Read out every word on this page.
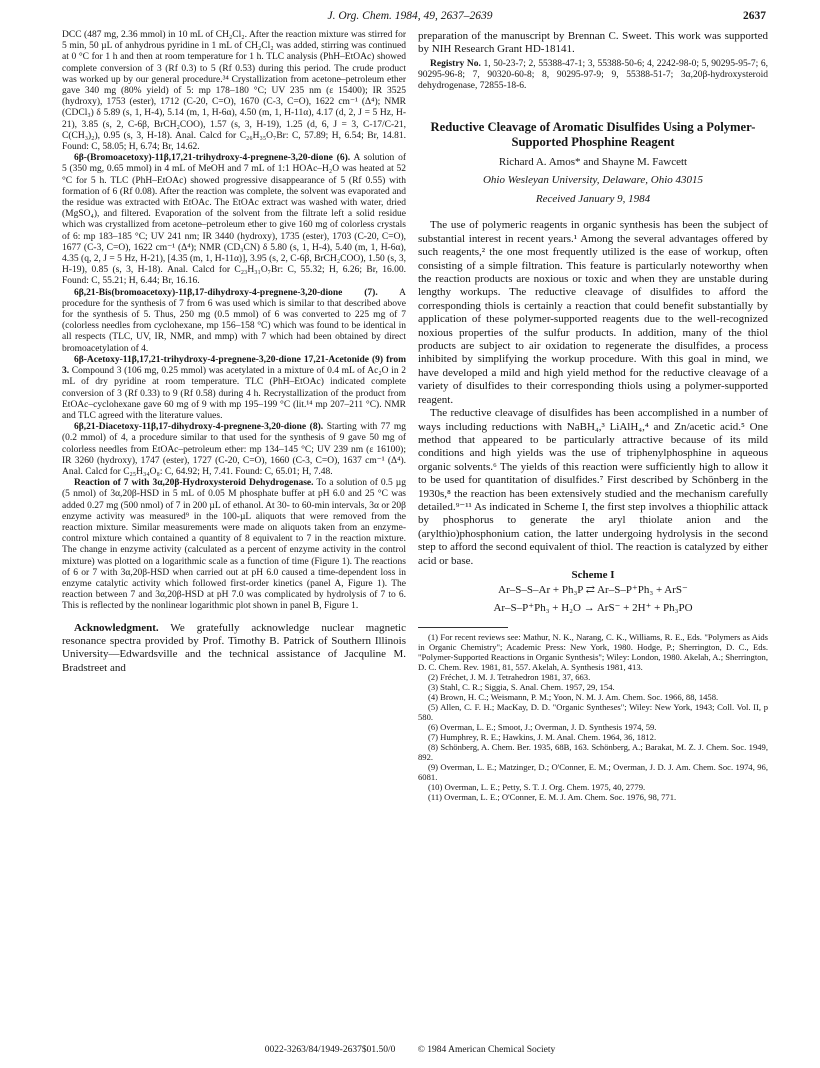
J. Org. Chem. 1984, 49, 2637–2639	2637

DCC (487 mg, 2.36 mmol) in 10 mL of CH₂Cl₂. After the reaction mixture was stirred for 5 min, 50 µL of anhydrous pyridine in 1 mL of CH₂Cl₂ was added, stirring was continued at 0 °C for 1 h and then at room temperature for 1 h. TLC analysis (PhH–EtOAc) showed complete conversion of 3 (Rf 0.3) to 5 (Rf 0.53) during this period. The crude product was worked up by our general procedure.³⁴ Crystallization from acetone–petroleum ether gave 340 mg (80% yield) of 5: mp 178–180 °C; UV 235 nm (ε 15400); IR 3525 (hydroxy), 1753 (ester), 1712 (C-20, C=O), 1670 (C-3, C=O), 1622 cm⁻¹ (Δ⁴); NMR (CDCl₃) δ 5.89 (s, 1, H-4), 5.14 (m, 1, H-6α), 4.50 (m, 1, H-11α), 4.17 (d, 2, J = 5 Hz, H-21), 3.85 (s, 2, C-6β, BrCH₂COO), 1.57 (s, 3, H-19), 1.25 (d, 6, J = 3, C-17/C-21, C(CH₃)₂), 0.95 (s, 3, H-18). Anal. Calcd for C₂₆H₃₅O₇Br: C, 57.89; H, 6.54; Br, 14.81. Found: C, 58.05; H, 6.74; Br, 14.62.

6β-(Bromoacetoxy)-11β,17,21-trihydroxy-4-pregnene-3,20-dione (6). A solution of 5 (350 mg, 0.65 mmol) in 4 mL of MeOH and 7 mL of 1:1 HOAc–H₂O was heated at 52 °C for 5 h. TLC (PhH–EtOAc) showed progressive disappearance of 5 (Rf 0.55) with formation of 6 (Rf 0.08). After the reaction was complete, the solvent was evaporated and the residue was extracted with EtOAc. The EtOAc extract was washed with water, dried (MgSO₄), and filtered. Evaporation of the solvent from the filtrate left a solid residue which was crystallized from acetone–petroleum ether to give 160 mg of colorless crystals of 6: mp 183–185 °C; UV 241 nm; IR 3440 (hydroxy), 1735 (ester), 1703 (C-20, C=O), 1677 (C-3, C=O), 1622 cm⁻¹ (Δ⁴); NMR (CD₃CN) δ 5.80 (s, 1, H-4), 5.40 (m, 1, H-6α), 4.35 (q, 2, J = 5 Hz, H-21), [4.35 (m, 1, H-11α)], 3.95 (s, 2, C-6β, BrCH₂COO), 1.50 (s, 3, H-19), 0.85 (s, 3, H-18). Anal. Calcd for C₂₃H₃₁O₇Br: C, 55.32; H, 6.26; Br, 16.00. Found: C, 55.21; H, 6.44; Br, 16.16.

6β,21-Bis(bromoacetoxy)-11β,17-dihydroxy-4-pregnene-3,20-dione (7). A procedure for the synthesis of 7 from 6 was used which is similar to that described above for the synthesis of 5. Thus, 250 mg (0.5 mmol) of 6 was converted to 225 mg of 7 (colorless needles from cyclohexane, mp 156–158 °C) which was found to be identical in all respects (TLC, UV, IR, NMR, and mmp) with 7 which had been obtained by direct bromoacetylation of 4.

6β-Acetoxy-11β,17,21-trihydroxy-4-pregnene-3,20-dione 17,21-Acetonide (9) from 3. Compound 3 (106 mg, 0.25 mmol) was acetylated in a mixture of 0.4 mL of Ac₂O in 2 mL of dry pyridine at room temperature. TLC (PhH–EtOAc) indicated complete conversion of 3 (Rf 0.33) to 9 (Rf 0.58) during 4 h. Recrystallization of the product from EtOAc–cyclohexane gave 60 mg of 9 with mp 195–199 °C (lit.¹⁴ mp 207–211 °C). NMR and TLC agreed with the literature values.

6β,21-Diacetoxy-11β,17-dihydroxy-4-pregnene-3,20-dione (8). Starting with 77 mg (0.2 mmol) of 4, a procedure similar to that used for the synthesis of 9 gave 50 mg of colorless needles from EtOAc–petroleum ether: mp 134–145 °C; UV 239 nm (ε 16100); IR 3260 (hydroxy), 1747 (ester), 1727 (C-20, C=O), 1660 (C-3, C=O), 1637 cm⁻¹ (Δ⁴). Anal. Calcd for C₂₅H₃₄O₈: C, 64.92; H, 7.41. Found: C, 65.01; H, 7.48.

Reaction of 7 with 3α,20β-Hydroxysteroid Dehydrogenase. To a solution of 0.5 µg (5 nmol) of 3α,20β-HSD in 5 mL of 0.05 M phosphate buffer at pH 6.0 and 25 °C was added 0.27 mg (500 nmol) of 7 in 200 µL of ethanol. At 30- to 60-min intervals, 3α or 20β enzyme activity was measured⁹ in the 100-µL aliquots that were removed from the reaction mixture. Similar measurements were made on aliquots taken from an enzyme-control mixture which contained a quantity of 8 equivalent to 7 in the reaction mixture. The change in enzyme activity (calculated as a percent of enzyme activity in the control mixture) was plotted on a logarithmic scale as a function of time (Figure 1). The reactions of 6 or 7 with 3α,20β-HSD when carried out at pH 6.0 caused a time-dependent loss in enzyme catalytic activity which followed first-order kinetics (panel A, Figure 1). The reaction between 7 and 3α,20β-HSD at pH 7.0 was complicated by hydrolysis of 7 to 6. This is reflected by the nonlinear logarithmic plot shown in panel B, Figure 1.

Acknowledgment. We gratefully acknowledge nuclear magnetic resonance spectra provided by Prof. Timothy B. Patrick of Southern Illinois University—Edwardsville and the technical assistance of Jacquline M. Bradstreet and

preparation of the manuscript by Brennan C. Sweet. This work was supported by NIH Research Grant HD-18141.

Registry No. 1, 50-23-7; 2, 55388-47-1; 3, 55388-50-6; 4, 2242-98-0; 5, 90295-95-7; 6, 90295-96-8; 7, 90320-60-8; 8, 90295-97-9; 9, 55388-51-7; 3α,20β-hydroxysteroid dehydrogenase, 72855-18-6.

Reductive Cleavage of Aromatic Disulfides Using a Polymer-Supported Phosphine Reagent
Richard A. Amos* and Shayne M. Fawcett
Ohio Wesleyan University, Delaware, Ohio 43015
Received January 9, 1984

The use of polymeric reagents in organic synthesis has been the subject of substantial interest in recent years.¹ Among the several advantages offered by such reagents,² the one most frequently utilized is the ease of workup, often consisting of a simple filtration. This feature is particularly noteworthy when the reaction products are noxious or toxic and when they are unstable during lengthy workups. The reductive cleavage of disulfides to afford the corresponding thiols is certainly a reaction that could benefit substantially by application of these polymer-supported reagents due to the well-recognized noxious properties of the sulfur products. In addition, many of the thiol products are subject to air oxidation to regenerate the disulfides, a process inhibited by simplifying the workup procedure. With this goal in mind, we have developed a mild and high yield method for the reductive cleavage of a variety of disulfides to their corresponding thiols using a polymer-supported reagent.

The reductive cleavage of disulfides has been accomplished in a number of ways including reductions with NaBH₄,³ LiAlH₄,⁴ and Zn/acetic acid.⁵ One method that appeared to be particularly attractive because of its mild conditions and high yields was the use of triphenylphosphine in aqueous organic solvents.⁶ The yields of this reaction were sufficiently high to allow it to be used for quantitation of disulfides.⁷ First described by Schönberg in the 1930s,⁸ the reaction has been extensively studied and the mechanism carefully detailed.⁹⁻¹¹ As indicated in Scheme I, the first step involves a thiophilic attack by phosphorus to generate the aryl thiolate anion and the (arylthio)phosphonium cation, the latter undergoing hydrolysis in the second step to afford the second equivalent of thiol. The reaction is catalyzed by either acid or base.

Scheme I
Ar–S–S–Ar + Ph₃P ⇄ Ar–S–P⁺Ph₃ + ArS⁻
Ar–S–P⁺Ph₃ + H₂O → ArS⁻ + 2H⁺ + Ph₃PO

(1) For recent reviews see: Mathur, N. K., Narang, C. K., Williams, R. E., Eds. "Polymers as Aids in Organic Chemistry"; Academic Press: New York, 1980. Hodge, P.; Sherrington, D. C., Eds. "Polymer-Supported Reactions in Organic Synthesis"; Wiley: London, 1980. Akelah, A.; Sherrington, D. C. Chem. Rev. 1981, 81, 557. Akelah, A. Synthesis 1981, 413.

(2) Fréchet, J. M. J. Tetrahedron 1981, 37, 663.

(3) Stahl, C. R.; Siggia, S. Anal. Chem. 1957, 29, 154.

(4) Brown, H. C.; Weismann, P. M.; Yoon, N. M. J. Am. Chem. Soc. 1966, 88, 1458.

(5) Allen, C. F. H.; MacKay, D. D. "Organic Syntheses"; Wiley: New York, 1943; Coll. Vol. II, p 580.

(6) Overman, L. E.; Smoot, J.; Overman, J. D. Synthesis 1974, 59.

(7) Humphrey, R. E.; Hawkins, J. M. Anal. Chem. 1964, 36, 1812.

(8) Schönberg, A. Chem. Ber. 1935, 68B, 163. Schönberg, A.; Barakat, M. Z. J. Chem. Soc. 1949, 892.

(9) Overman, L. E.; Matzinger, D.; O'Conner, E. M.; Overman, J. D. J. Am. Chem. Soc. 1974, 96, 6081.

(10) Overman, L. E.; Petty, S. T. J. Org. Chem. 1975, 40, 2779.

(11) Overman, L. E.; O'Conner, E. M. J. Am. Chem. Soc. 1976, 98, 771.

0022-3263/84/1949-2637$01.50/0 © 1984 American Chemical Society
